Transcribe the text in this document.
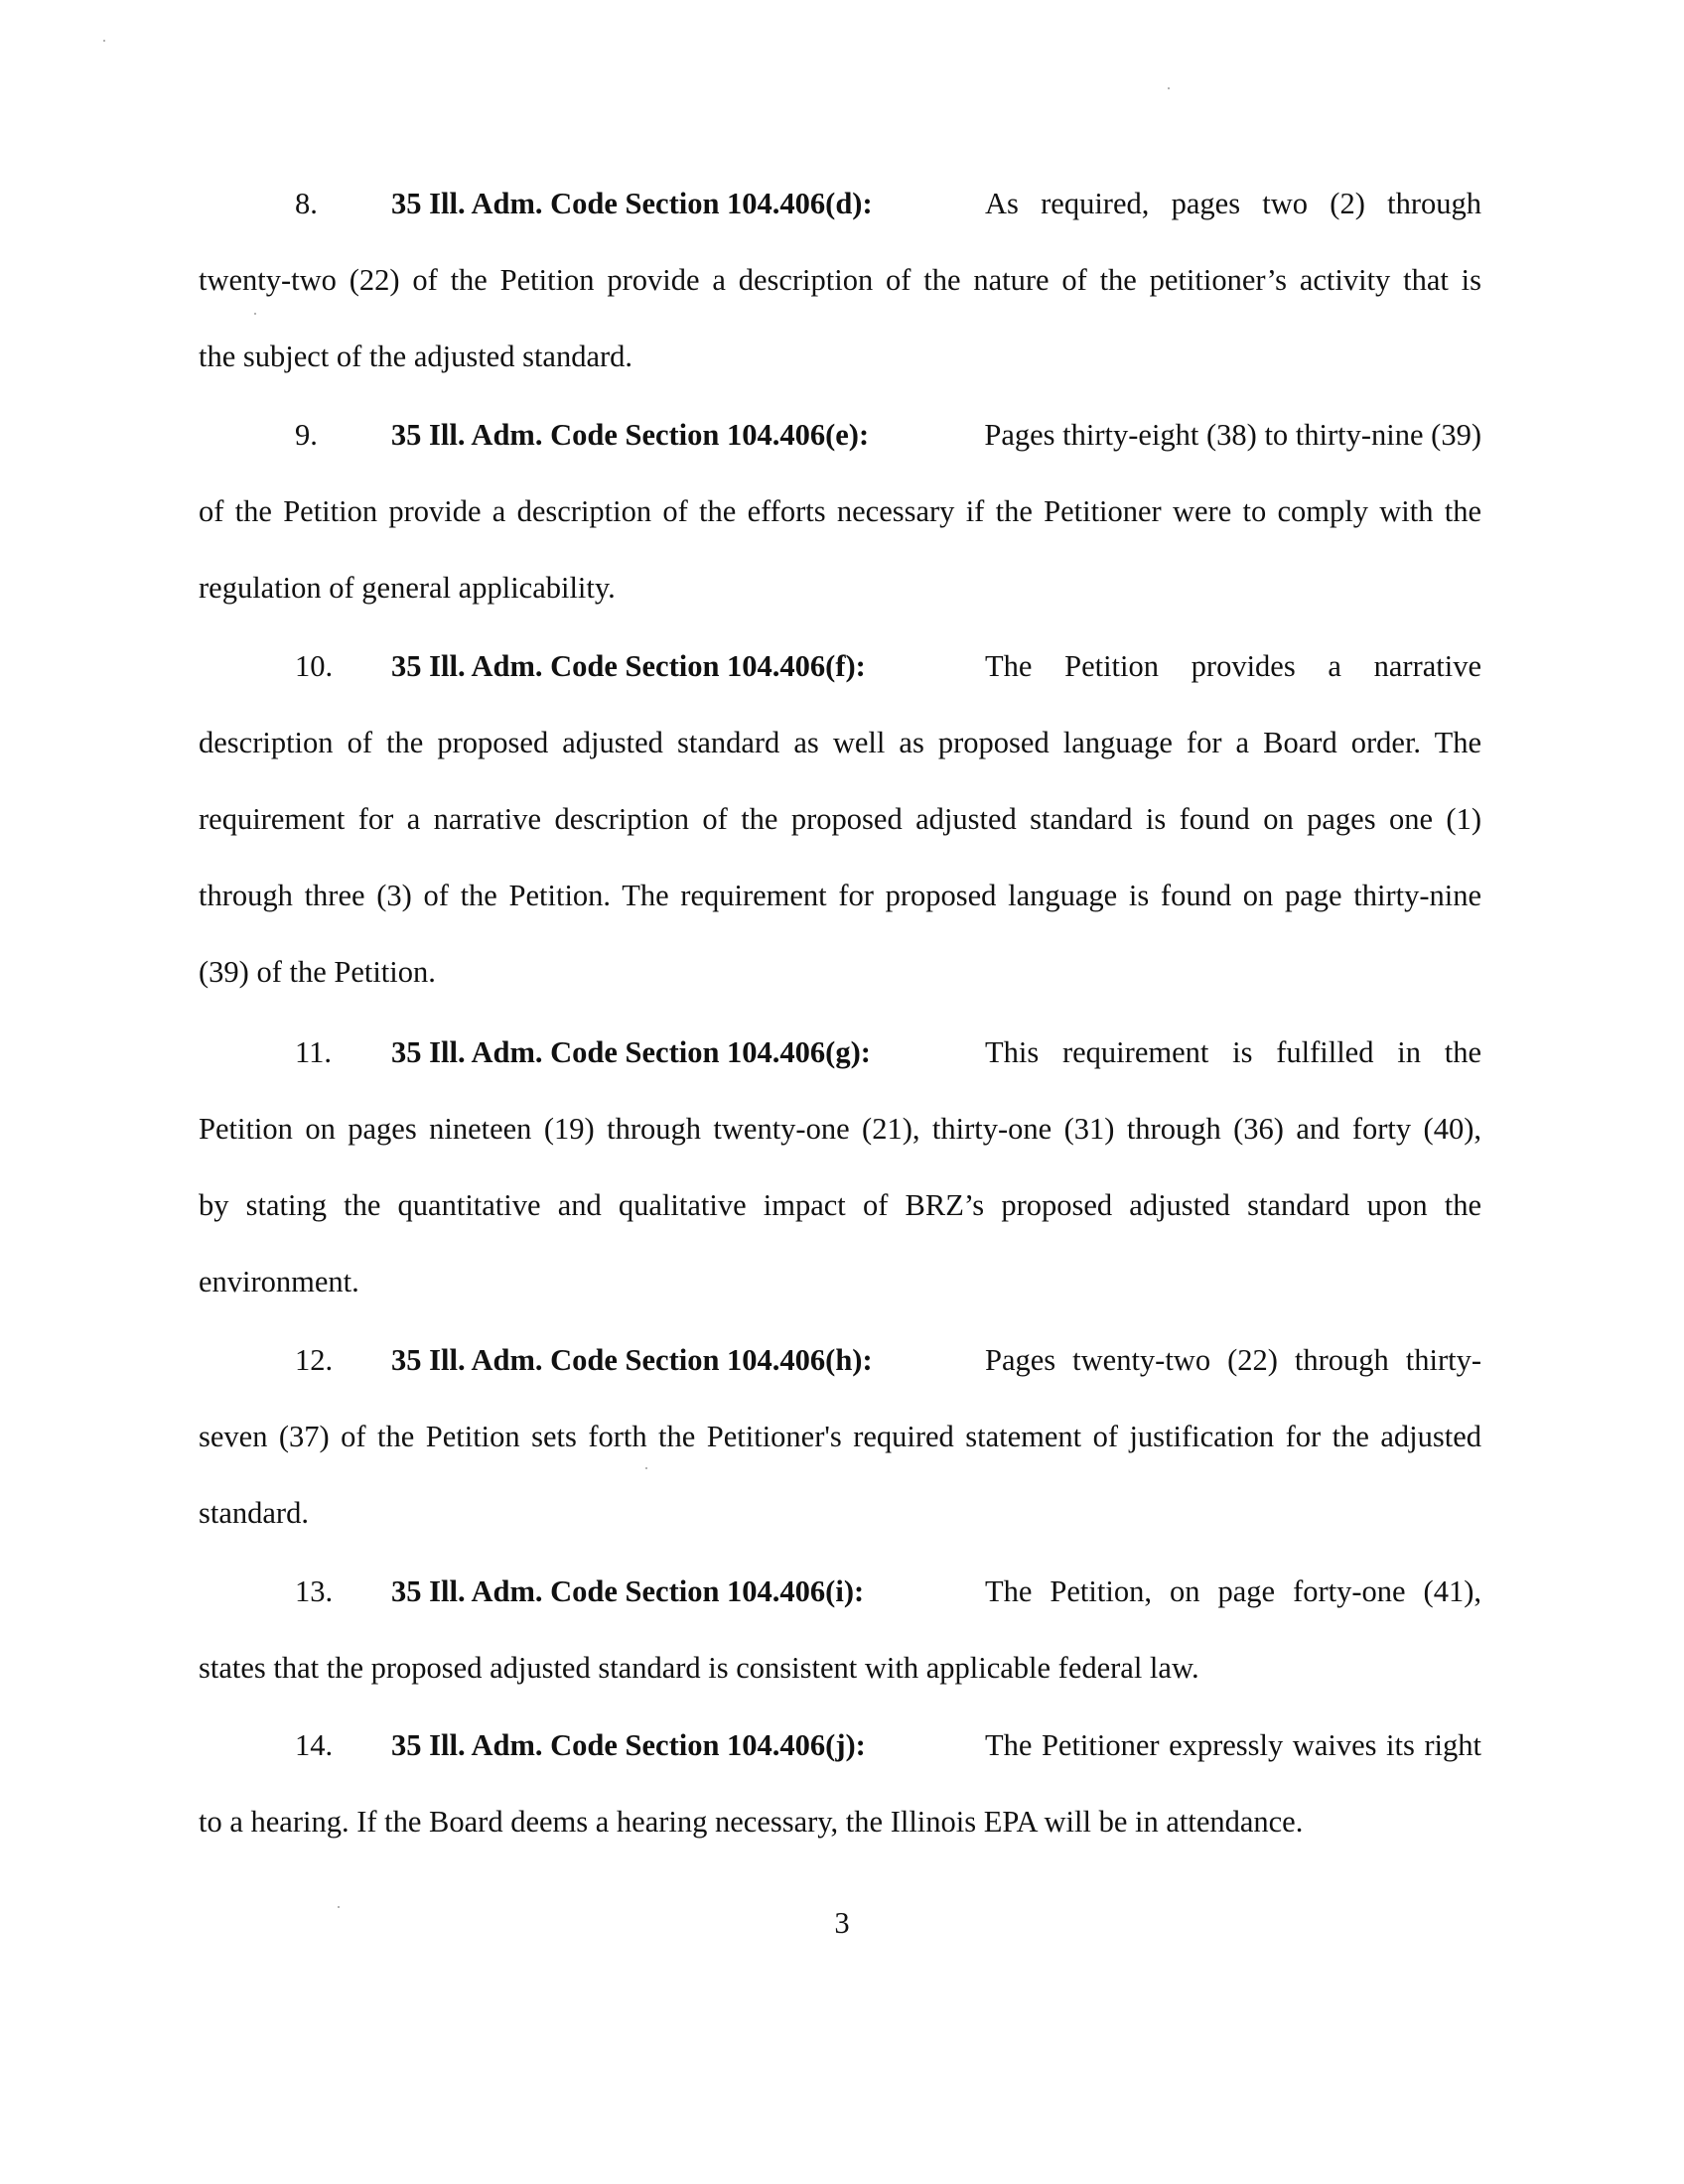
8.	35 Ill. Adm. Code Section 104.406(d):	As required, pages two (2) through
twenty-two (22) of the Petition provide a description of the nature of the petitioner’s activity that is
the subject of the adjusted standard.
9.	35 Ill. Adm. Code Section 104.406(e):	Pages thirty-eight (38) to thirty-nine (39)
of the Petition provide a description of the efforts necessary if the Petitioner were to comply with the
regulation of general applicability.
10.	35 Ill. Adm. Code Section 104.406(f):	The Petition provides a narrative
description of the proposed adjusted standard as well as proposed language for a Board order. The
requirement for a narrative description of the proposed adjusted standard is found on pages one (1)
through three (3) of the Petition. The requirement for proposed language is found on page thirty-nine
(39) of the Petition.
11.	35 Ill. Adm. Code Section 104.406(g):	This requirement is fulfilled in the
Petition on pages nineteen (19) through twenty-one (21), thirty-one (31) through (36) and forty (40),
by stating the quantitative and qualitative impact of BRZ’s proposed adjusted standard upon the
environment.
12.	35 Ill. Adm. Code Section 104.406(h):	Pages twenty-two (22) through thirty-
seven (37) of the Petition sets forth the Petitioner's required statement of justification for the adjusted
standard.
13.	35 Ill. Adm. Code Section 104.406(i):	The Petition, on page forty-one (41),
states that the proposed adjusted standard is consistent with applicable federal law.
14.	35 Ill. Adm. Code Section 104.406(j):	The Petitioner expressly waives its right
to a hearing. If the Board deems a hearing necessary, the Illinois EPA will be in attendance.
3
